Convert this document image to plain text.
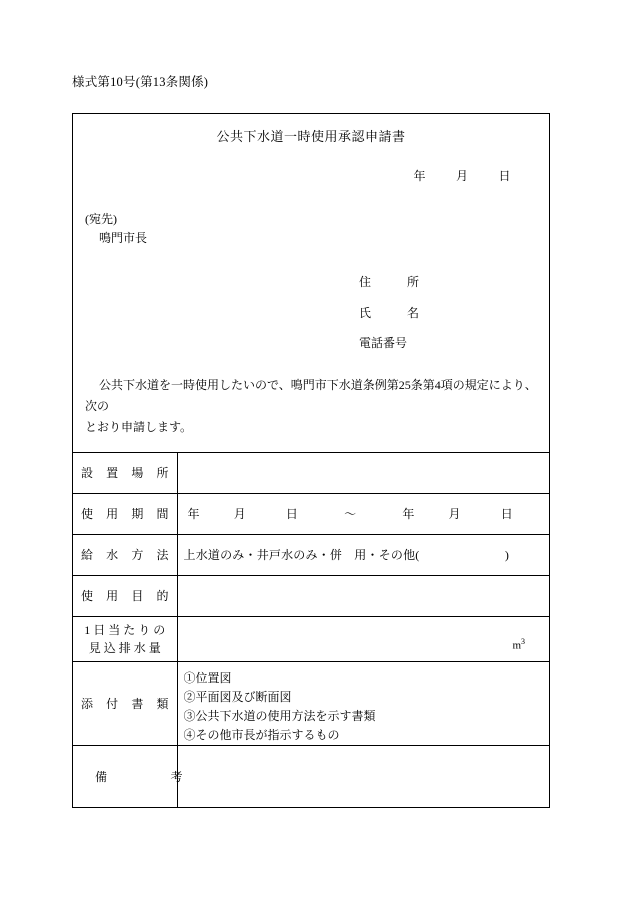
様式第10号(第13条関係)
公共下水道一時使用承認申請書
年	月	日
(宛先)
鳴門市長
住　　　所
氏　　　名
電話番号
公共下水道を一時使用したいので、鳴門市下水道条例第25条第4項の規定により、次の
とおり申請します。
設 置 場 所	

使 用 期 間	年 月 日 ～ 年 月 日

給 水 方 法	上水道のみ・井戸水のみ・併　用・その他(　　　　　　　)

使 用 目 的	

1 日 当 た り の
見 込 排 水 量	$m^3$

添 付 書 類

①位置図
②平面図及び断面図
③公共下水道の使用方法を示す書類
④その他市長が指示するもの

備 考	
